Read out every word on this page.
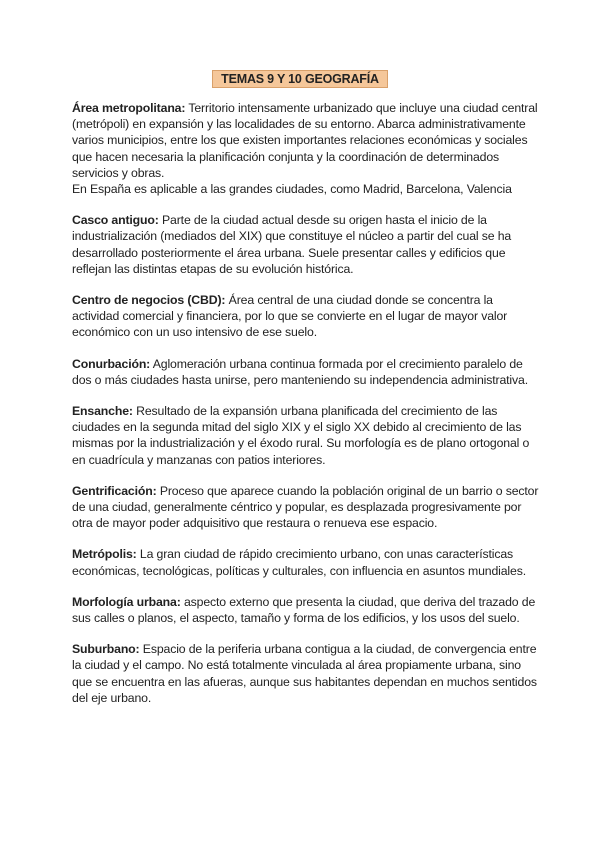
TEMAS 9 Y 10 GEOGRAFÍA

Área metropolitana: Territorio intensamente urbanizado que incluye una ciudad central (metrópoli) en expansión y las localidades de su entorno. Abarca administrativamente varios municipios, entre los que existen importantes relaciones económicas y sociales que hacen necesaria la planificación conjunta y la coordinación de determinados servicios y obras.
En España es aplicable a las grandes ciudades, como Madrid, Barcelona, Valencia

Casco antiguo: Parte de la ciudad actual desde su origen hasta el inicio de la industrialización (mediados del XIX) que constituye el núcleo a partir del cual se ha desarrollado posteriormente el área urbana. Suele presentar calles y edificios que reflejan las distintas etapas de su evolución histórica.

Centro de negocios (CBD): Área central de una ciudad donde se concentra la actividad comercial y financiera, por lo que se convierte en el lugar de mayor valor económico con un uso intensivo de ese suelo.

Conurbación: Aglomeración urbana continua formada por el crecimiento paralelo de dos o más ciudades hasta unirse, pero manteniendo su independencia administrativa.

Ensanche: Resultado de la expansión urbana planificada del crecimiento de las ciudades en la segunda mitad del siglo XIX y el siglo XX debido al crecimiento de las mismas por la industrialización y el éxodo rural. Su morfología es de plano ortogonal o en cuadrícula y manzanas con patios interiores.

Gentrificación: Proceso que aparece cuando la población original de un barrio o sector de una ciudad, generalmente céntrico y popular, es desplazada progresivamente por otra de mayor poder adquisitivo que restaura o renueva ese espacio.

Metrópolis: La gran ciudad de rápido crecimiento urbano, con unas características económicas, tecnológicas, políticas y culturales, con influencia en asuntos mundiales.

Morfología urbana: aspecto externo que presenta la ciudad, que deriva del trazado de sus calles o planos, el aspecto, tamaño y forma de los edificios, y los usos del suelo.

Suburbano: Espacio de la periferia urbana contigua a la ciudad, de convergencia entre la ciudad y el campo. No está totalmente vinculada al área propiamente urbana, sino que se encuentra en las afueras, aunque sus habitantes dependan en muchos sentidos del eje urbano.
